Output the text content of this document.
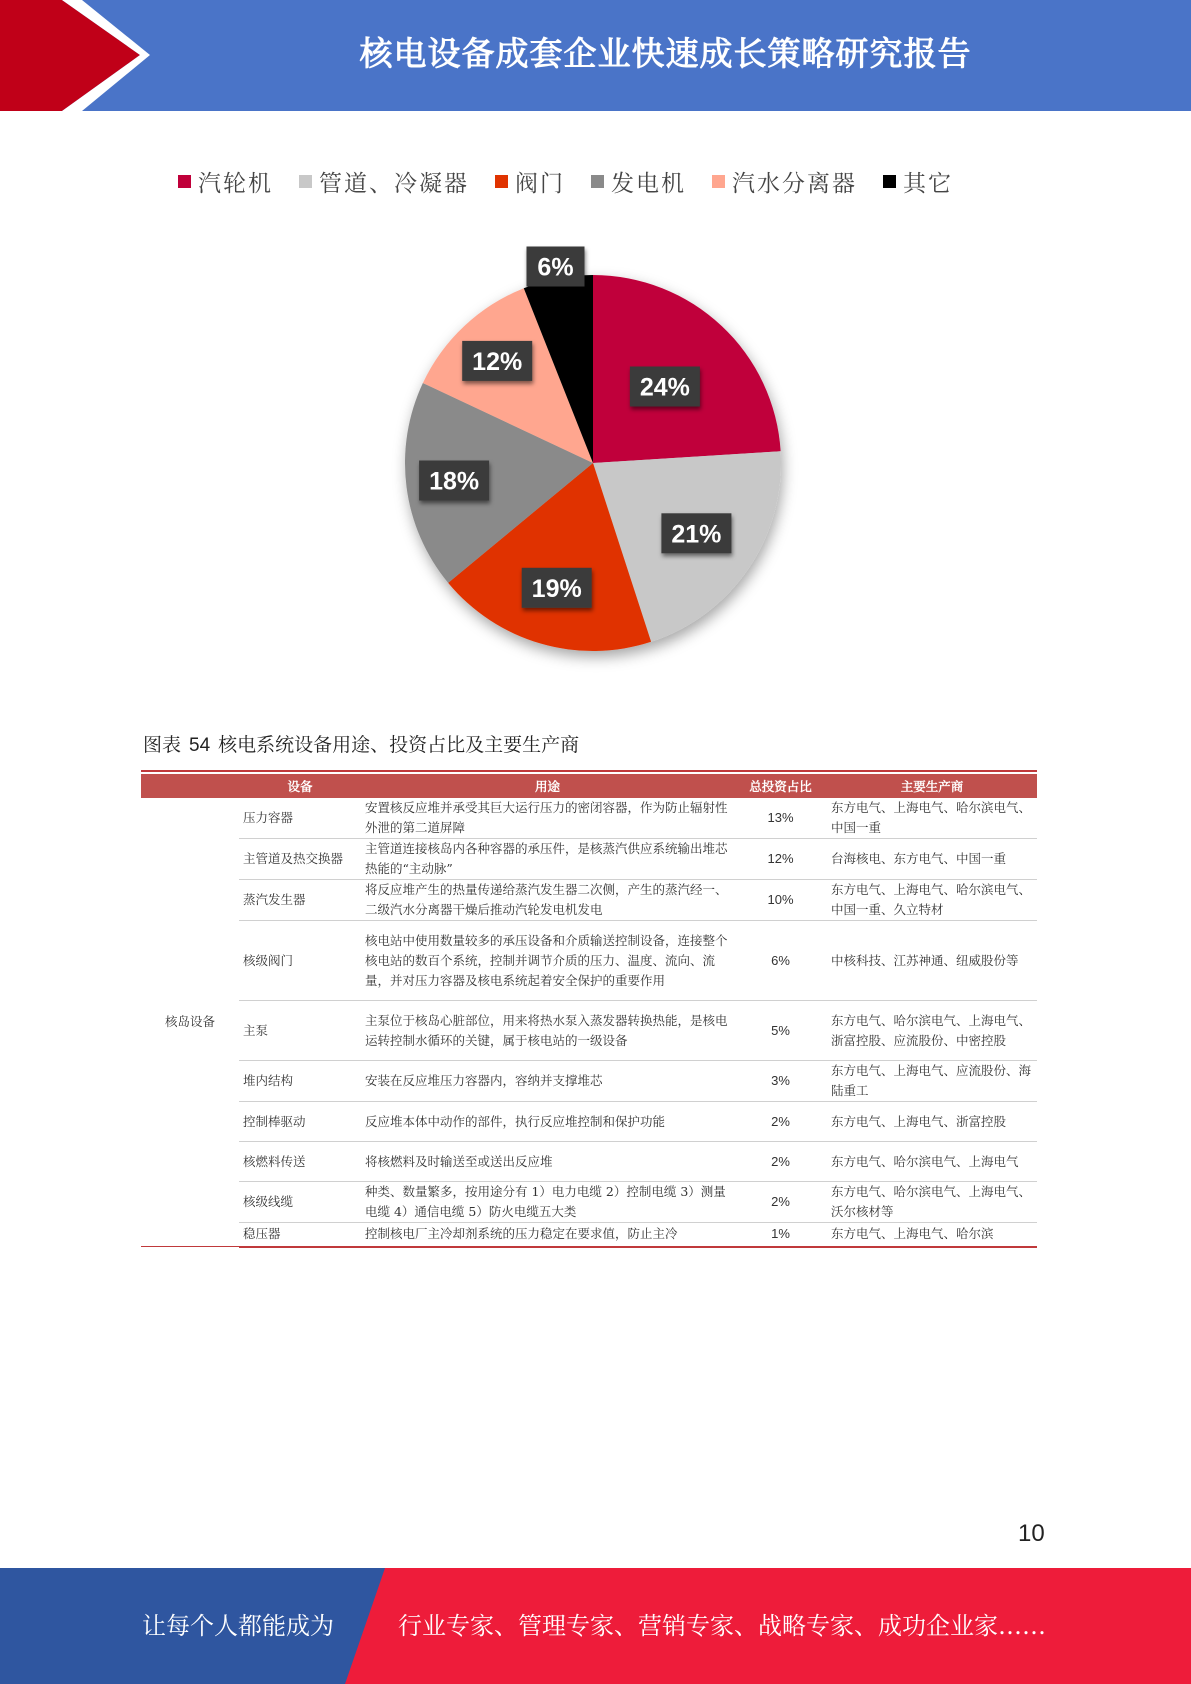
核电设备成套企业快速成长策略研究报告
汽轮机 管道、冷凝器 阀门 发电机 汽水分离器 其它
24%
21%
19%
18%
12%
6%
图表 54 核电系统设备用途、投资占比及主要生产商
	设备	用途	总投资占比	主要生产商
核岛设备	压力容器	安置核反应堆并承受其巨大运行压力的密闭容器，作为防止辐射性外泄的第二道屏障	13%	东方电气、上海电气、哈尔滨电气、中国一重
	主管道及热交换器	主管道连接核岛内各种容器的承压件，是核蒸汽供应系统输出堆芯热能的“主动脉”	12%	台海核电、东方电气、中国一重
	蒸汽发生器	将反应堆产生的热量传递给蒸汽发生器二次侧，产生的蒸汽经一、二级汽水分离器干燥后推动汽轮发电机发电	10%	东方电气、上海电气、哈尔滨电气、中国一重、久立特材
	核级阀门	核电站中使用数量较多的承压设备和介质输送控制设备，连接整个核电站的数百个系统，控制并调节介质的压力、温度、流向、流量，并对压力容器及核电系统起着安全保护的重要作用	6%	中核科技、江苏神通、纽威股份等
	主泵	主泵位于核岛心脏部位，用来将热水泵入蒸发器转换热能，是核电运转控制水循环的关键，属于核电站的一级设备	5%	东方电气、哈尔滨电气、上海电气、浙富控股、应流股份、中密控股
	堆内结构	安装在反应堆压力容器内，容纳并支撑堆芯	3%	东方电气、上海电气、应流股份、海陆重工
	控制棒驱动	反应堆本体中动作的部件，执行反应堆控制和保护功能	2%	东方电气、上海电气、浙富控股
	核燃料传送	将核燃料及时输送至或送出反应堆	2%	东方电气、哈尔滨电气、上海电气
	核级线缆	种类、数量繁多，按用途分有 1）电力电缆 2）控制电缆 3）测量电缆 4）通信电缆 5）防火电缆五大类	2%	东方电气、哈尔滨电气、上海电气、沃尔核材等
	稳压器	控制核电厂主冷却剂系统的压力稳定在要求值，防止主冷	1%	东方电气、上海电气、哈尔滨
10
让每个人都能成为	行业专家、管理专家、营销专家、战略专家、成功企业家……
